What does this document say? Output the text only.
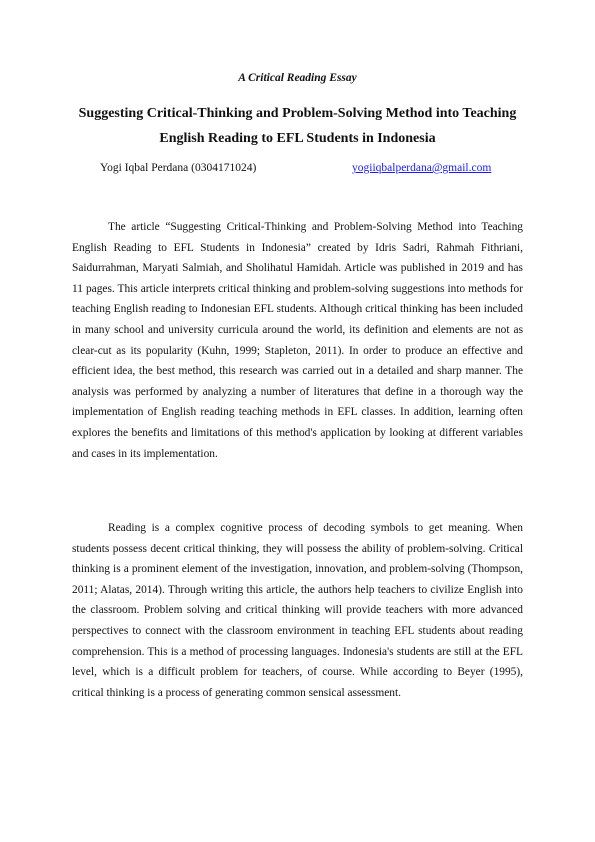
A Critical Reading Essay
Suggesting Critical-Thinking and Problem-Solving Method into Teaching English Reading to EFL Students in Indonesia
Yogi Iqbal Perdana (0304171024)	yogiiqbalperdana@gmail.com

The article “Suggesting Critical-Thinking and Problem-Solving Method into Teaching English Reading to EFL Students in Indonesia” created by Idris Sadri, Rahmah Fithriani, Saidurrahman, Maryati Salmiah, and Sholihatul Hamidah. Article was published in 2019 and has 11 pages. This article interprets critical thinking and problem-solving suggestions into methods for teaching English reading to Indonesian EFL students. Although critical thinking has been included in many school and university curricula around the world, its definition and elements are not as clear-cut as its popularity (Kuhn, 1999; Stapleton, 2011). In order to produce an effective and efficient idea, the best method, this research was carried out in a detailed and sharp manner. The analysis was performed by analyzing a number of literatures that define in a thorough way the implementation of English reading teaching methods in EFL classes. In addition, learning often explores the benefits and limitations of this method's application by looking at different variables and cases in its implementation.

Reading is a complex cognitive process of decoding symbols to get meaning. When students possess decent critical thinking, they will possess the ability of problem-solving. Critical thinking is a prominent element of the investigation, innovation, and problem-solving (Thompson, 2011; Alatas, 2014). Through writing this article, the authors help teachers to civilize English into the classroom. Problem solving and critical thinking will provide teachers with more advanced perspectives to connect with the classroom environment in teaching EFL students about reading comprehension. This is a method of processing languages. Indonesia's students are still at the EFL level, which is a difficult problem for teachers, of course. While according to Beyer (1995), critical thinking is a process of generating common sensical assessment.
